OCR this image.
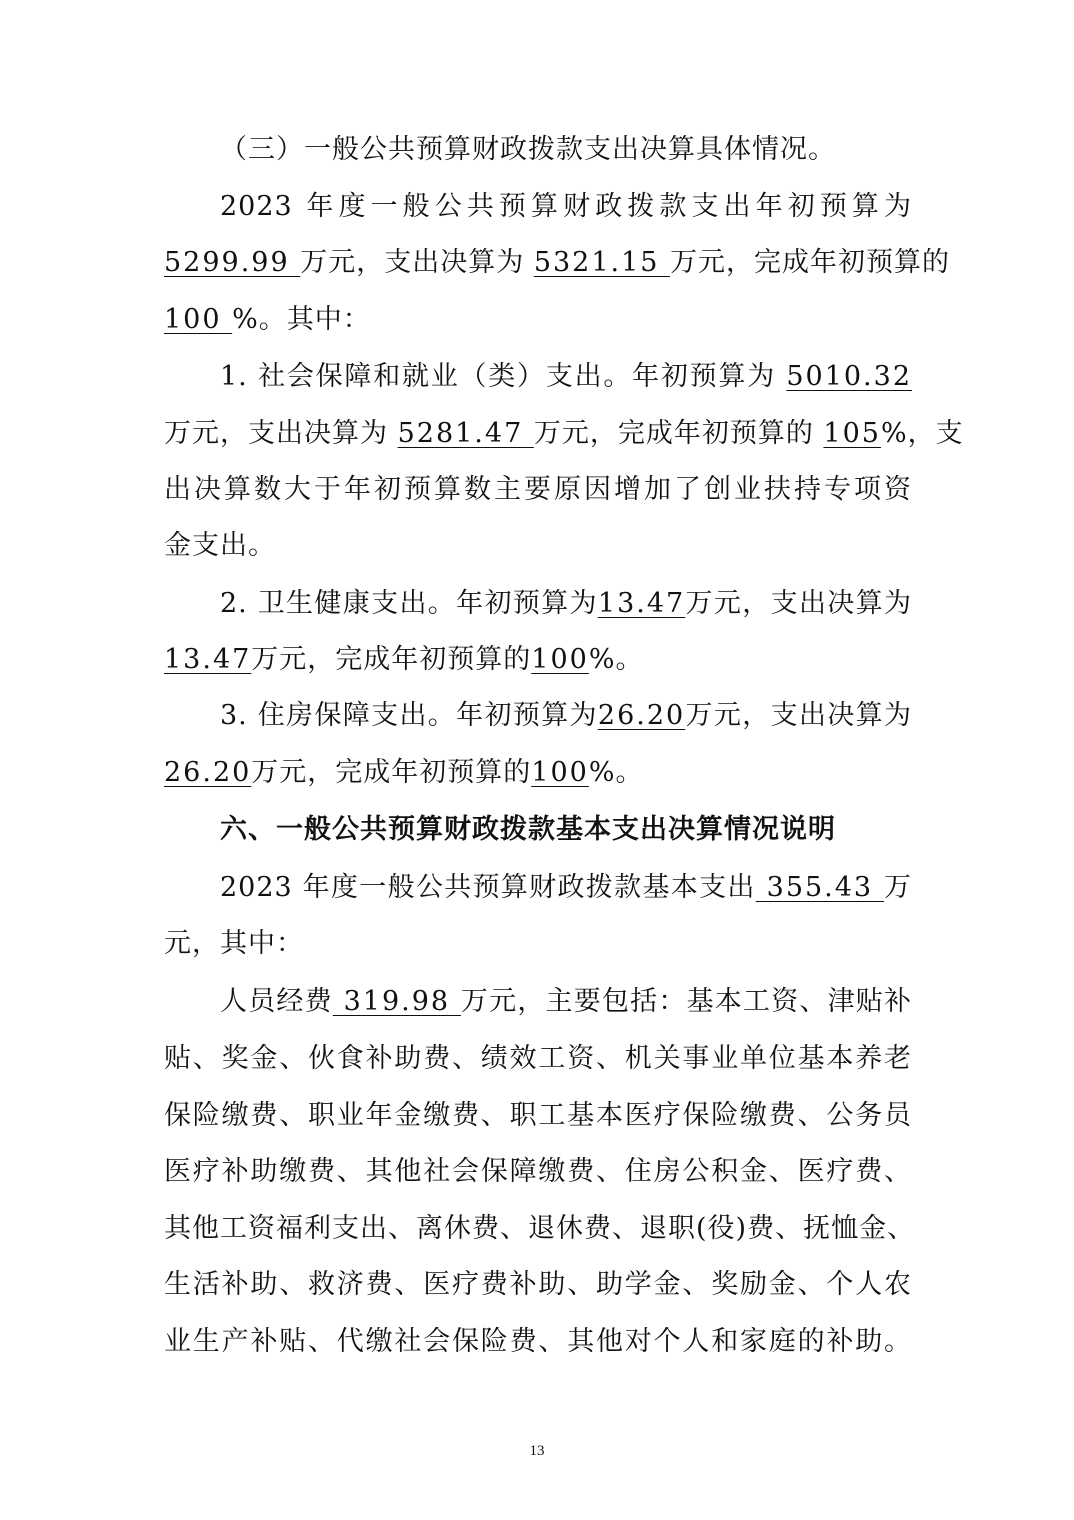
（三）一般公共预算财政拨款支出决算具体情况。
2023 年度一般公共预算财政拨款支出年初预算为
5299.99 万元，支出决算为 5321.15 万元，完成年初预算的
100 %。其中：
1. 社会保障和就业（类）支出。年初预算为 5010.32
万元，支出决算为 5281.47 万元，完成年初预算的 105%，支
出决算数大于年初预算数主要原因增加了创业扶持专项资
金支出。
2. 卫生健康支出。年初预算为13.47万元，支出决算为
13.47万元，完成年初预算的100%。
3. 住房保障支出。年初预算为26.20万元，支出决算为
26.20万元，完成年初预算的100%。
六、一般公共预算财政拨款基本支出决算情况说明
2023 年度一般公共预算财政拨款基本支出 355.43 万
元，其中：
人员经费 319.98 万元，主要包括：基本工资、津贴补
贴、奖金、伙食补助费、绩效工资、机关事业单位基本养老
保险缴费、职业年金缴费、职工基本医疗保险缴费、公务员
医疗补助缴费、其他社会保障缴费、住房公积金、医疗费、
其他工资福利支出、离休费、退休费、退职(役)费、抚恤金、
生活补助、救济费、医疗费补助、助学金、奖励金、个人农
业生产补贴、代缴社会保险费、其他对个人和家庭的补助。
13
